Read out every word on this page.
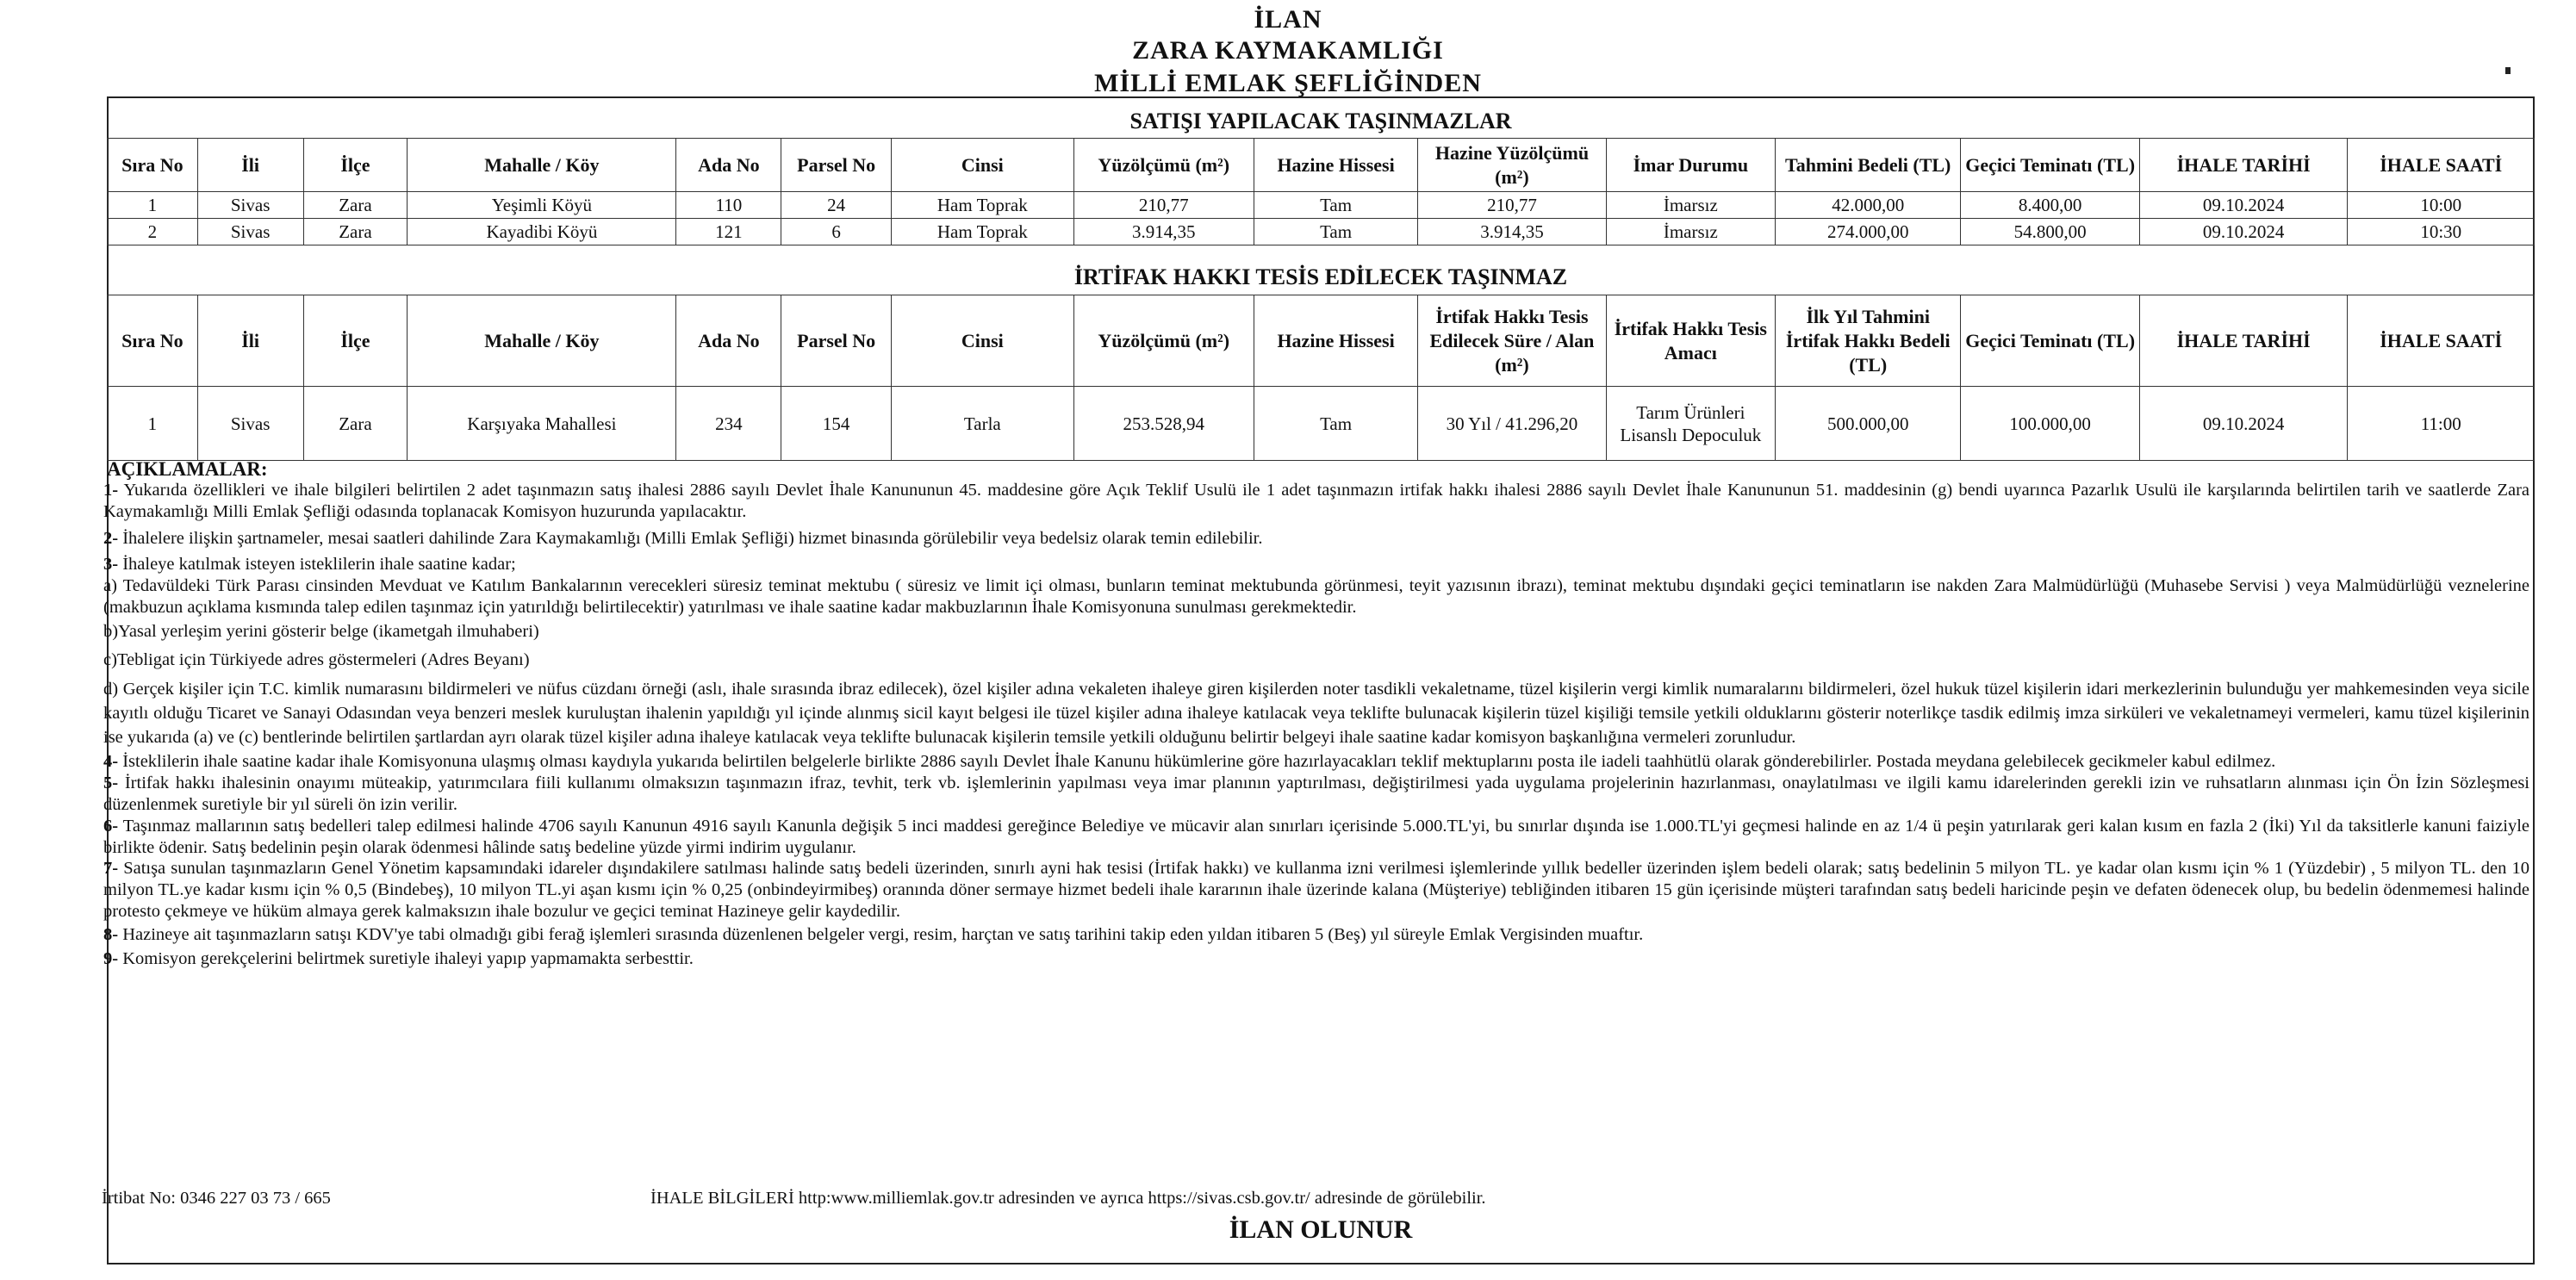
İLAN
ZARA KAYMAKAMLIĞI
MİLLİ EMLAK ŞEFLİĞİNDEN
SATIŞI YAPILACAK TAŞINMAZLAR
Sıra No	İli	İlçe	Mahalle / Köy	Ada No	Parsel No	Cinsi	Yüzölçümü (m²)	Hazine Hissesi	Hazine Yüzölçümü (m²)	İmar Durumu	Tahmini Bedeli (TL)	Geçici Teminatı (TL)	İHALE TARİHİ	İHALE SAATİ
1	Sivas	Zara	Yeşimli Köyü	110	24	Ham Toprak	210,77	Tam	210,77	İmarsız	42.000,00	8.400,00	09.10.2024	10:00
2	Sivas	Zara	Kayadibi Köyü	121	6	Ham Toprak	3.914,35	Tam	3.914,35	İmarsız	274.000,00	54.800,00	09.10.2024	10:30
İRTİFAK HAKKI TESİS EDİLECEK TAŞINMAZ
Sıra No	İli	İlçe	Mahalle / Köy	Ada No	Parsel No	Cinsi	Yüzölçümü (m²)	Hazine Hissesi	İrtifak Hakkı Tesis Edilecek Süre / Alan (m²)	İrtifak Hakkı Tesis Amacı	İlk Yıl Tahmini İrtifak Hakkı Bedeli (TL)	Geçici Teminatı (TL)	İHALE TARİHİ	İHALE SAATİ
1	Sivas	Zara	Karşıyaka Mahallesi	234	154	Tarla	253.528,94	Tam	30 Yıl / 41.296,20	Tarım Ürünleri Lisanslı Depoculuk	500.000,00	100.000,00	09.10.2024	11:00
AÇIKLAMALAR:

1- Yukarıda özellikleri ve ihale bilgileri belirtilen 2 adet taşınmazın satış ihalesi 2886 sayılı Devlet İhale Kanununun 45. maddesine göre Açık Teklif Usulü ile 1 adet taşınmazın irtifak hakkı ihalesi 2886 sayılı Devlet İhale Kanununun 51. maddesinin (g) bendi uyarınca Pazarlık Usulü ile karşılarında belirtilen tarih ve saatlerde Zara Kaymakamlığı Milli Emlak Şefliği odasında toplanacak Komisyon huzurunda yapılacaktır.

2- İhalelere ilişkin şartnameler, mesai saatleri dahilinde Zara Kaymakamlığı (Milli Emlak Şefliği) hizmet binasında görülebilir veya bedelsiz olarak temin edilebilir.

3- İhaleye katılmak isteyen isteklilerin ihale saatine kadar;

a) Tedavüldeki Türk Parası cinsinden Mevduat ve Katılım Bankalarının verecekleri süresiz teminat mektubu ( süresiz ve limit içi olması, bunların teminat mektubunda görünmesi, teyit yazısının ibrazı), teminat mektubu dışındaki geçici teminatların ise nakden Zara Malmüdürlüğü (Muhasebe Servisi ) veya Malmüdürlüğü veznelerine (makbuzun açıklama kısmında talep edilen taşınmaz için yatırıldığı belirtilecektir) yatırılması ve ihale saatine kadar makbuzlarının İhale Komisyonuna sunulması gerekmektedir.

b)Yasal yerleşim yerini gösterir belge (ikametgah ilmuhaberi)

c)Tebligat için Türkiyede adres göstermeleri (Adres Beyanı)

d) Gerçek kişiler için T.C. kimlik numarasını bildirmeleri ve nüfus cüzdanı örneği (aslı, ihale sırasında ibraz edilecek), özel kişiler adına vekaleten ihaleye giren kişilerden noter tasdikli vekaletname, tüzel kişilerin vergi kimlik numaralarını bildirmeleri, özel hukuk tüzel kişilerin idari merkezlerinin bulunduğu yer mahkemesinden veya sicile kayıtlı olduğu Ticaret ve Sanayi Odasından veya benzeri meslek kuruluştan ihalenin yapıldığı yıl içinde alınmış sicil kayıt belgesi ile tüzel kişiler adına ihaleye katılacak veya teklifte bulunacak kişilerin tüzel kişiliği temsile yetkili olduklarını gösterir noterlikçe tasdik edilmiş imza sirküleri ve vekaletnameyi vermeleri, kamu tüzel kişilerinin ise yukarıda (a) ve (c) bentlerinde belirtilen şartlardan ayrı olarak tüzel kişiler adına ihaleye katılacak veya teklifte bulunacak kişilerin temsile yetkili olduğunu belirtir belgeyi ihale saatine kadar komisyon başkanlığına vermeleri zorunludur.

4- İsteklilerin ihale saatine kadar ihale Komisyonuna ulaşmış olması kaydıyla yukarıda belirtilen belgelerle birlikte 2886 sayılı Devlet İhale Kanunu hükümlerine göre hazırlayacakları teklif mektuplarını posta ile iadeli taahhütlü olarak gönderebilirler. Postada meydana gelebilecek gecikmeler kabul edilmez.

5- İrtifak hakkı ihalesinin onayımı müteakip, yatırımcılara fiili kullanımı olmaksızın taşınmazın ifraz, tevhit, terk vb. işlemlerinin yapılması veya imar planının yaptırılması, değiştirilmesi yada uygulama projelerinin hazırlanması, onaylatılması ve ilgili kamu idarelerinden gerekli izin ve ruhsatların alınması için Ön İzin Sözleşmesi düzenlenmek suretiyle bir yıl süreli ön izin verilir.

6- Taşınmaz mallarının satış bedelleri talep edilmesi halinde 4706 sayılı Kanunun 4916 sayılı Kanunla değişik 5 inci maddesi gereğince Belediye ve mücavir alan sınırları içerisinde 5.000.TL'yi, bu sınırlar dışında ise 1.000.TL'yi geçmesi halinde en az 1/4 ü peşin yatırılarak geri kalan kısım en fazla 2 (İki) Yıl da taksitlerle kanuni faiziyle birlikte ödenir. Satış bedelinin peşin olarak ödenmesi hâlinde satış bedeline yüzde yirmi indirim uygulanır.

7- Satışa sunulan taşınmazların Genel Yönetim kapsamındaki idareler dışındakilere satılması halinde satış bedeli üzerinden, sınırlı ayni hak tesisi (İrtifak hakkı) ve kullanma izni verilmesi işlemlerinde yıllık bedeller üzerinden işlem bedeli olarak; satış bedelinin 5 milyon TL. ye kadar olan kısmı için % 1 (Yüzdebir) , 5 milyon TL. den 10 milyon TL.ye kadar kısmı için % 0,5 (Bindebeş), 10 milyon TL.yi aşan kısmı için % 0,25 (onbindeyirmibeş) oranında döner sermaye hizmet bedeli ihale kararının ihale üzerinde kalana (Müşteriye) tebliğinden itibaren 15 gün içerisinde müşteri tarafından satış bedeli haricinde peşin ve defaten ödenecek olup, bu bedelin ödenmemesi halinde protesto çekmeye ve hüküm almaya gerek kalmaksızın ihale bozulur ve geçici teminat Hazineye gelir kaydedilir.

8- Hazineye ait taşınmazların satışı KDV'ye tabi olmadığı gibi ferağ işlemleri sırasında düzenlenen belgeler vergi, resim, harçtan ve satış tarihini takip eden yıldan itibaren 5 (Beş) yıl süreyle Emlak Vergisinden muaftır.

9- Komisyon gerekçelerini belirtmek suretiyle ihaleyi yapıp yapmamakta serbesttir.

İrtibat No: 0346 227 03 73 / 665	İHALE BİLGİLERİ http:www.milliemlak.gov.tr adresinden ve ayrıca https://sivas.csb.gov.tr/ adresinde de görülebilir.
İLAN OLUNUR
